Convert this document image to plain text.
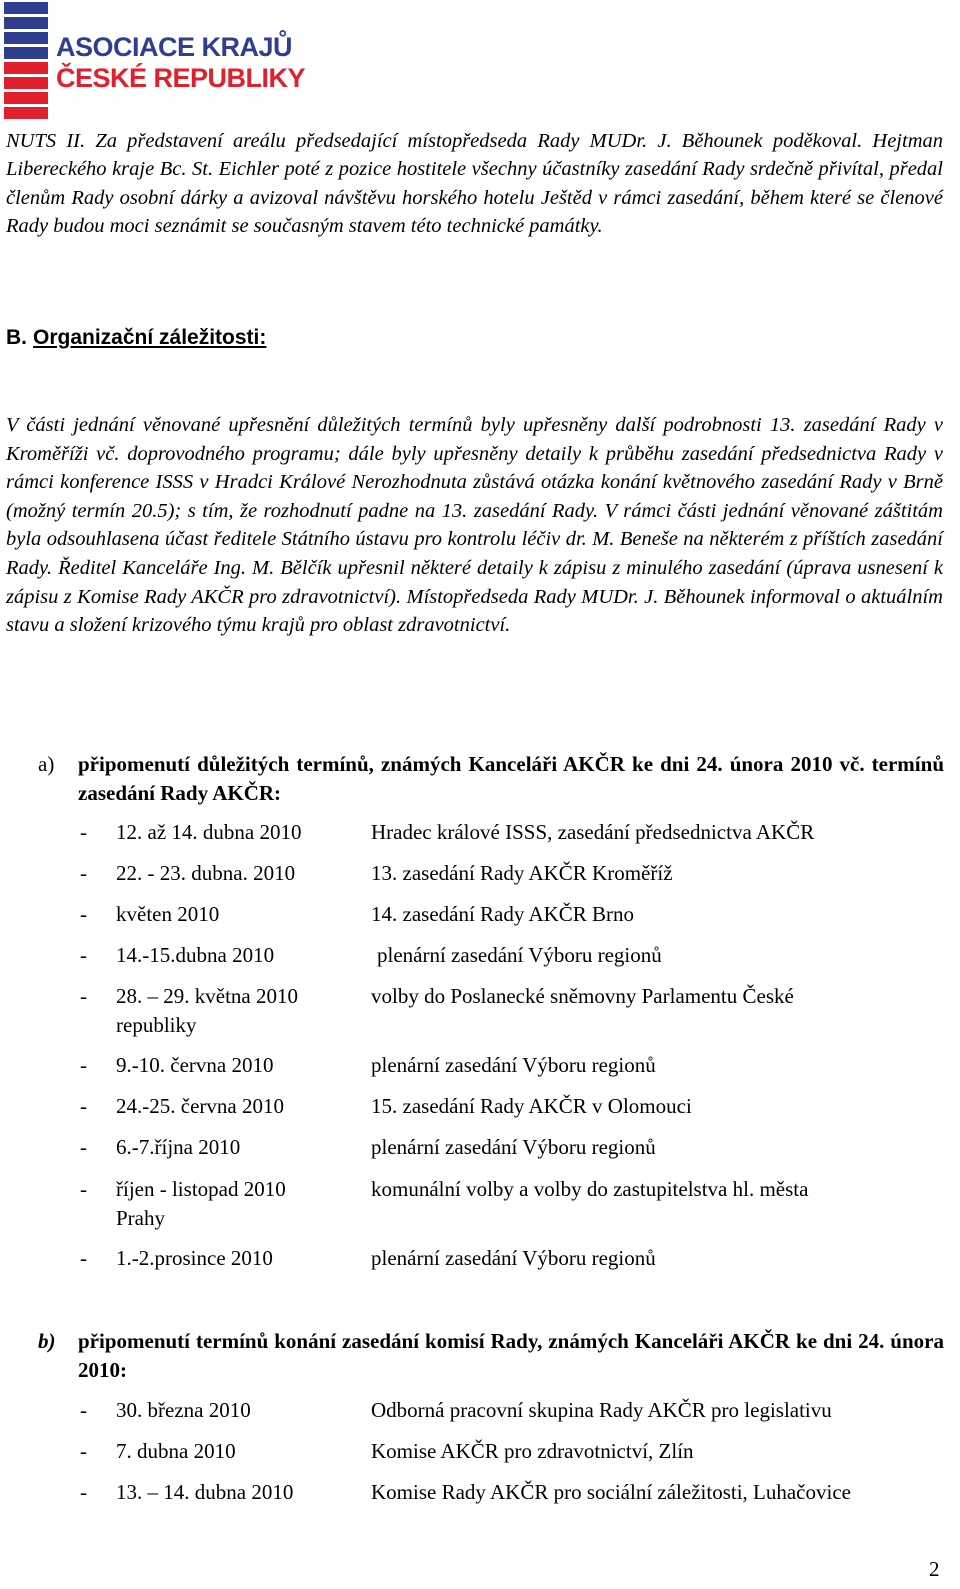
ASOCIACE KRAJŮ
ČESKÉ REPUBLIKY

NUTS II. Za představení areálu předsedající místopředseda Rady MUDr. J. Běhounek poděkoval. Hejtman Libereckého kraje Bc. St. Eichler poté z pozice hostitele všechny účastníky zasedání Rady srdečně přivítal, předal členům Rady osobní dárky a avizoval návštěvu horského hotelu Ještěd v rámci zasedání, během které se členové Rady budou moci seznámit se současným stavem této technické památky.

B. Organizační záležitosti:

V části jednání věnované upřesnění důležitých termínů byly upřesněny další podrobnosti 13. zasedání Rady v Kroměříži vč. doprovodného programu; dále byly upřesněny detaily k průběhu zasedání předsednictva Rady v rámci konference ISSS v Hradci Králové Nerozhodnuta zůstává otázka konání květnového zasedání Rady v Brně (možný termín 20.5); s tím, že rozhodnutí padne na 13. zasedání Rady. V rámci části jednání věnované záštitám byla odsouhlasena účast ředitele Státního ústavu pro kontrolu léčiv dr. M. Beneše na některém z příštích zasedání Rady. Ředitel Kanceláře Ing. M. Bělčík upřesnil některé detaily k zápisu z minulého zasedání (úprava usnesení k zápisu z Komise Rady AKČR pro zdravotnictví). Místopředseda Rady MUDr. J. Běhounek informoval o aktuálním stavu a složení krizového týmu krajů pro oblast zdravotnictví.

a) připomenutí důležitých termínů, známých Kanceláři AKČR ke dni 24. února 2010 vč. termínů zasedání Rady AKČR:
- 12. až 14. dubna 2010	Hradec králové ISSS, zasedání předsednictva AKČR
- 22. - 23. dubna. 2010	13. zasedání Rady AKČR Kroměříž
- květen 2010	14. zasedání Rady AKČR Brno
- 14.-15.dubna 2010	plenární zasedání Výboru regionů
- 28. – 29. května 2010	volby do Poslanecké sněmovny Parlamentu České
republiky
- 9.-10. června 2010	plenární zasedání Výboru regionů
- 24.-25. června 2010	15. zasedání Rady AKČR v Olomouci
- 6.-7.října 2010	plenární zasedání Výboru regionů
- říjen - listopad 2010	komunální volby a volby do zastupitelstva hl. města
Prahy
- 1.-2.prosince 2010	plenární zasedání Výboru regionů
b) připomenutí termínů konání zasedání komisí Rady, známých Kanceláři AKČR ke dni 24. února 2010:
- 30. března 2010	Odborná pracovní skupina Rady AKČR pro legislativu
- 7. dubna 2010	Komise AKČR pro zdravotnictví, Zlín
- 13. – 14. dubna 2010	Komise Rady AKČR pro sociální záležitosti, Luhačovice
2
